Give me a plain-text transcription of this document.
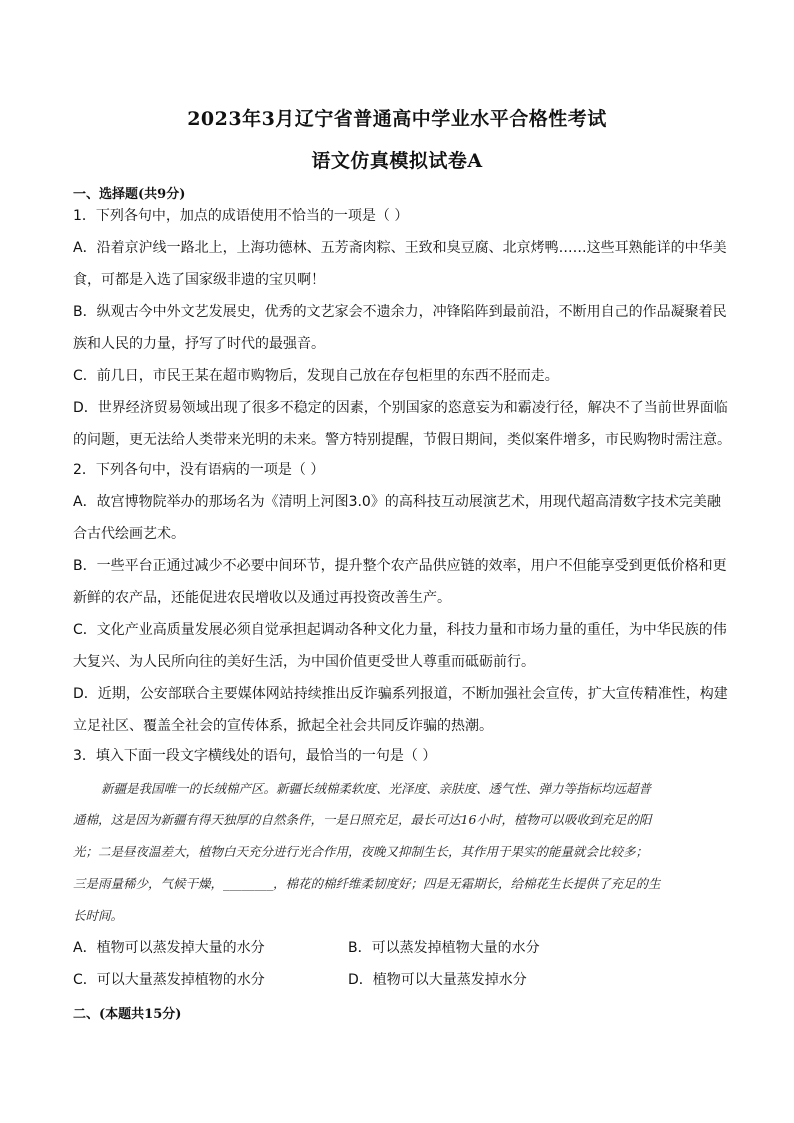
2023年3月辽宁省普通高中学业水平合格性考试
语文仿真模拟试卷A
一、选择题(共9分)
1．下列各句中，加点的成语使用不恰当的一项是（ ）
A．沿着京沪线一路北上，上海功德林、五芳斋肉粽、王致和臭豆腐、北京烤鸭……这些耳熟能详的中华美
食，可都是入选了国家级非遗的宝贝啊！
B．纵观古今中外文艺发展史，优秀的文艺家会不遗余力，冲锋陷阵到最前沿，不断用自己的作品凝聚着民
族和人民的力量，抒写了时代的最强音。
C．前几日，市民王某在超市购物后，发现自己放在存包柜里的东西不胫而走。
D．世界经济贸易领域出现了很多不稳定的因素，个别国家的恣意妄为和霸凌行径，解决不了当前世界面临
的问题，更无法给人类带来光明的未来。警方特别提醒，节假日期间，类似案件增多，市民购物时需注意。
2．下列各句中，没有语病的一项是（ ）
A．故宫博物院举办的那场名为《清明上河图3.0》的高科技互动展演艺术，用现代超高清数字技术完美融
合古代绘画艺术。
B．一些平台正通过减少不必要中间环节，提升整个农产品供应链的效率，用户不但能享受到更低价格和更
新鲜的农产品，还能促进农民增收以及通过再投资改善生产。
C．文化产业高质量发展必须自觉承担起调动各种文化力量，科技力量和市场力量的重任，为中华民族的伟
大复兴、为人民所向往的美好生活，为中国价值更受世人尊重而砥砺前行。
D．近期，公安部联合主要媒体网站持续推出反诈骗系列报道，不断加强社会宣传，扩大宣传精准性，构建
立足社区、覆盖全社会的宣传体系，掀起全社会共同反诈骗的热潮。
3．填入下面一段文字横线处的语句，最恰当的一句是（ ）
新疆是我国唯一的长绒棉产区。新疆长绒棉柔软度、光泽度、亲肤度、透气性、弹力等指标均远超普
通棉，这是因为新疆有得天独厚的自然条件，一是日照充足，最长可达16小时，植物可以吸收到充足的阳
光；二是昼夜温差大，植物白天充分进行光合作用，夜晚又抑制生长，其作用于果实的能量就会比较多；
三是雨量稀少，气候干燥，________，棉花的棉纤维柔韧度好；四是无霜期长，给棉花生长提供了充足的生
长时间。
A．植物可以蒸发掉大量的水分	B．可以蒸发掉植物大量的水分
C．可以大量蒸发掉植物的水分	D．植物可以大量蒸发掉水分
二、(本题共15分)
